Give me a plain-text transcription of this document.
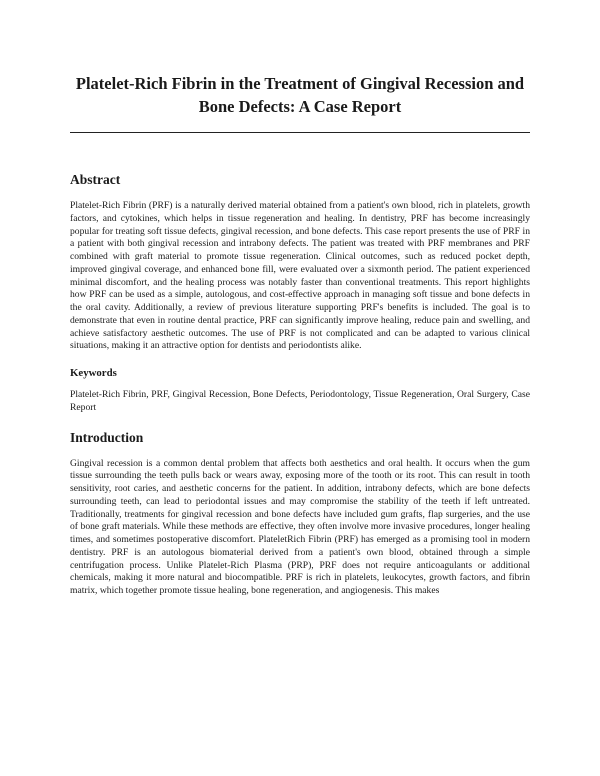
Platelet-Rich Fibrin in the Treatment of Gingival Recession and Bone Defects: A Case Report
Abstract

Platelet-Rich Fibrin (PRF) is a naturally derived material obtained from a patient's own blood, rich in platelets, growth factors, and cytokines, which helps in tissue regeneration and healing. In dentistry, PRF has become increasingly popular for treating soft tissue defects, gingival recession, and bone defects. This case report presents the use of PRF in a patient with both gingival recession and intrabony defects. The patient was treated with PRF membranes and PRF combined with graft material to promote tissue regeneration. Clinical outcomes, such as reduced pocket depth, improved gingival coverage, and enhanced bone fill, were evaluated over a sixmonth period. The patient experienced minimal discomfort, and the healing process was notably faster than conventional treatments. This report highlights how PRF can be used as a simple, autologous, and cost-effective approach in managing soft tissue and bone defects in the oral cavity. Additionally, a review of previous literature supporting PRF's benefits is included. The goal is to demonstrate that even in routine dental practice, PRF can significantly improve healing, reduce pain and swelling, and achieve satisfactory aesthetic outcomes. The use of PRF is not complicated and can be adapted to various clinical situations, making it an attractive option for dentists and periodontists alike.

Keywords

Platelet-Rich Fibrin, PRF, Gingival Recession, Bone Defects, Periodontology, Tissue Regeneration, Oral Surgery, Case Report

Introduction

Gingival recession is a common dental problem that affects both aesthetics and oral health. It occurs when the gum tissue surrounding the teeth pulls back or wears away, exposing more of the tooth or its root. This can result in tooth sensitivity, root caries, and aesthetic concerns for the patient. In addition, intrabony defects, which are bone defects surrounding teeth, can lead to periodontal issues and may compromise the stability of the teeth if left untreated. Traditionally, treatments for gingival recession and bone defects have included gum grafts, flap surgeries, and the use of bone graft materials. While these methods are effective, they often involve more invasive procedures, longer healing times, and sometimes postoperative discomfort. PlateletRich Fibrin (PRF) has emerged as a promising tool in modern dentistry. PRF is an autologous biomaterial derived from a patient's own blood, obtained through a simple centrifugation process. Unlike Platelet-Rich Plasma (PRP), PRF does not require anticoagulants or additional chemicals, making it more natural and biocompatible. PRF is rich in platelets, leukocytes, growth factors, and fibrin matrix, which together promote tissue healing, bone regeneration, and angiogenesis. This makes
